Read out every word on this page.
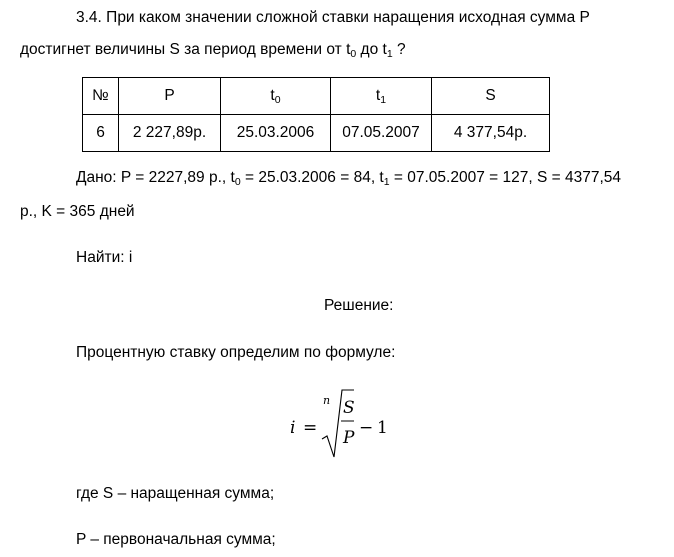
3.4. При каком значении сложной ставки наращения исходная сумма P
достигнет величины S за период времени от $t_0$ до $t_1$ ?
№	P	$t_0$	$t_1$	S
6	2 227,89р.	25.03.2006	07.05.2007	4 377,54р.
Дано: P = 2227,89 р., $t_0 = 25.03.2006 = 84$, $t_1 = 07.05.2007 = 127$, S = 4377,54
р., K = 365 дней
Найти: i
Решение:
Процентную ставку определим по формуле:
i =
n S
P − 1
где S – наращенная сумма;
P – первоначальная сумма;
